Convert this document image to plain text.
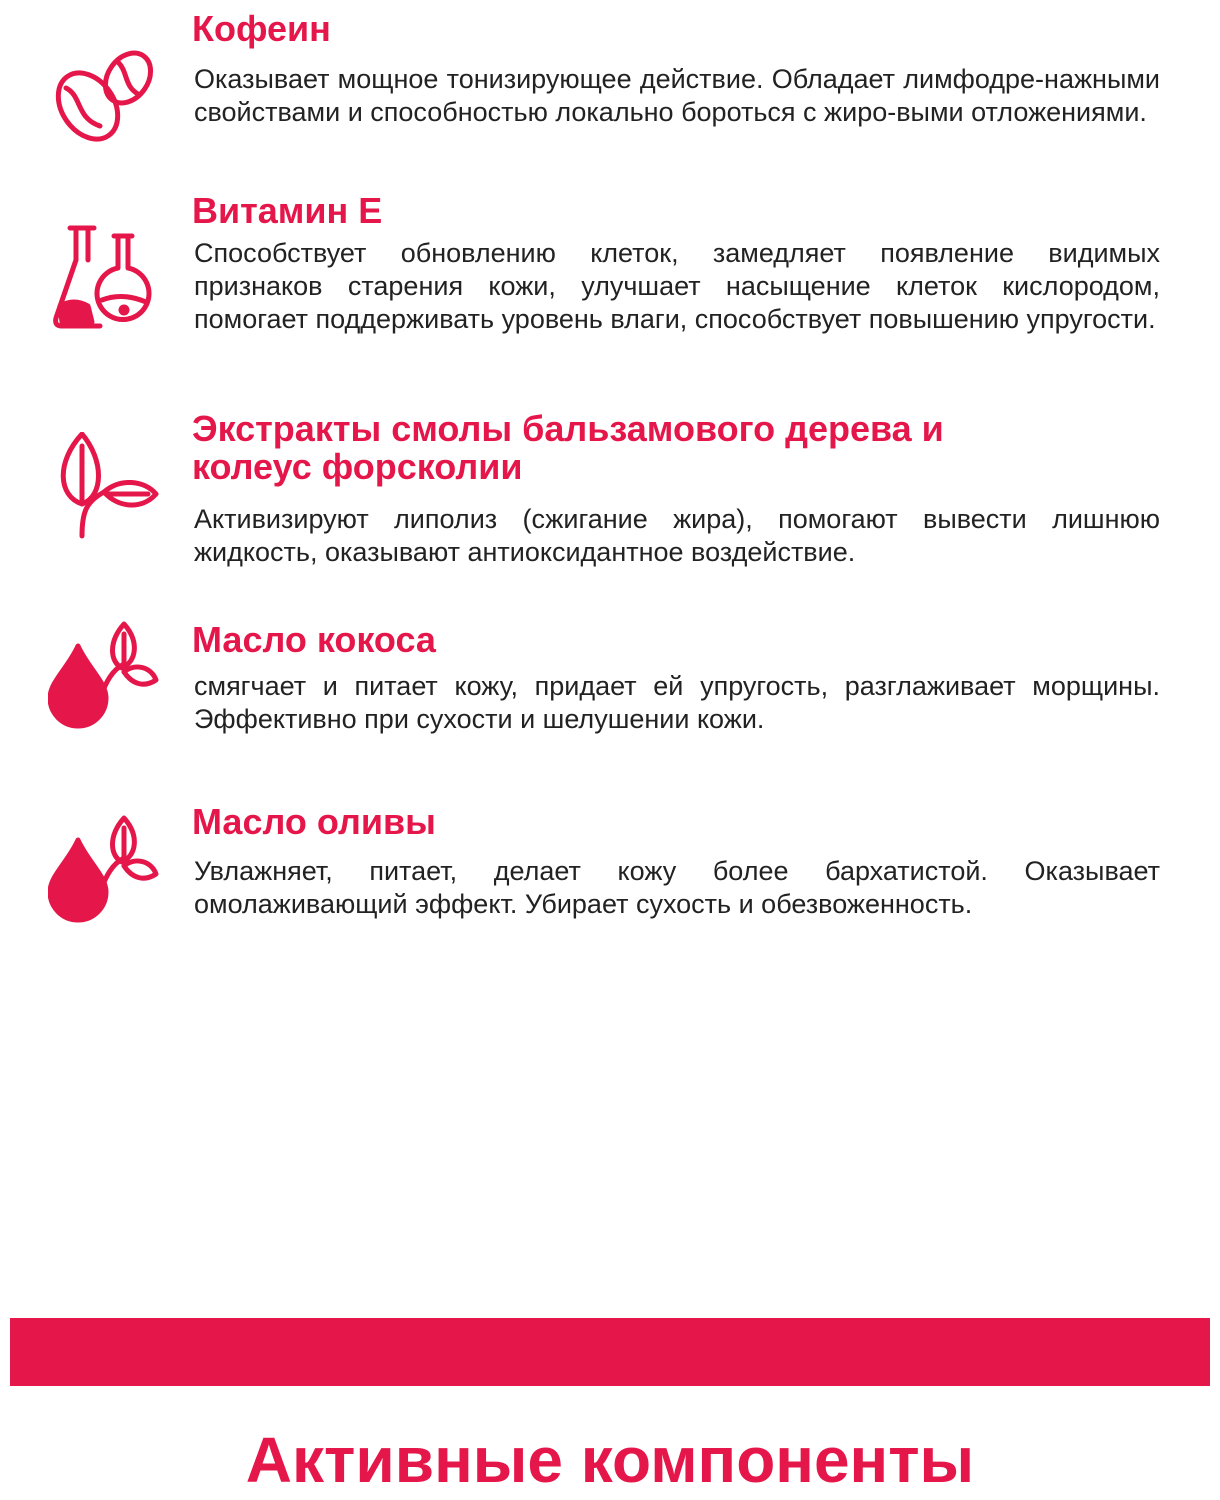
Кофеин

Оказывает мощное тонизирующее действие. Обладает лимфодре-нажными свойствами и способностью локально бороться с жиро-выми отложениями.

Витамин Е

Способствует обновлению клеток, замедляет появление видимых признаков старения кожи, улучшает насыщение клеток кислородом, помогает поддерживать уровень влаги, способствует повышению упругости.

Экстракты смолы бальзамового дерева и колеус форсколии

Активизируют липолиз (сжигание жира), помогают вывести лишнюю жидкость, оказывают антиоксидантное воздействие.

Масло кокоса

смягчает и питает кожу, придает ей упругость, разглаживает морщины. Эффективно при сухости и шелушении кожи.

Масло оливы

Увлажняет, питает, делает кожу более бархатистой. Оказывает омолаживающий эффект. Убирает сухость и обезвоженность.

Активные компоненты
